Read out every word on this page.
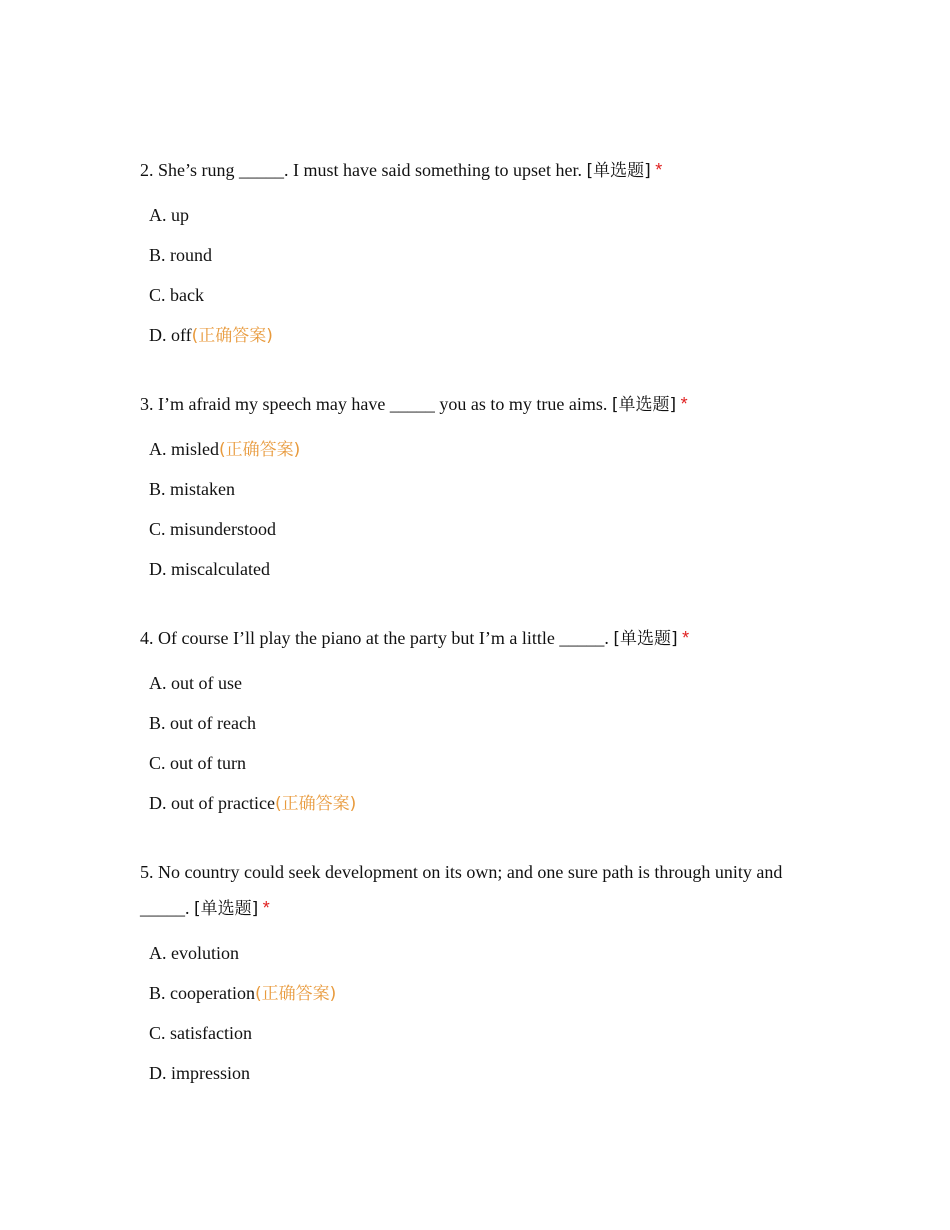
2. She’s rung _____. I must have said something to upset her. [单选题] *

A. up
B. round
C. back
D. off(正确答案)

3. I’m afraid my speech may have _____ you as to my true aims. [单选题] *

A. misled(正确答案)
B. mistaken
C. misunderstood
D. miscalculated

4. Of course I’ll play the piano at the party but I’m a little _____. [单选题] *

A. out of use
B. out of reach
C. out of turn
D. out of practice(正确答案)

5. No country could seek development on its own; and one sure path is through unity and _____. [单选题] *

A. evolution
B. cooperation(正确答案)
C. satisfaction
D. impression
